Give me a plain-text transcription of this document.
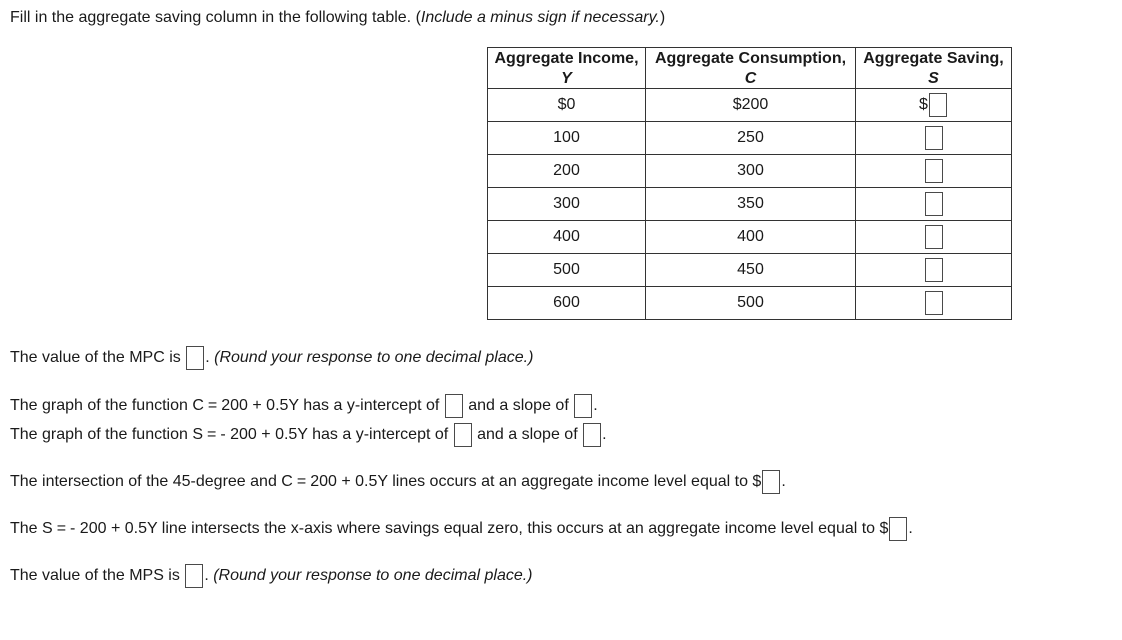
Fill in the aggregate saving column in the following table. (Include a minus sign if necessary.)
Aggregate Income,	Aggregate Consumption,	Aggregate Saving,
Y	C	S
$0	$200	$
100	250	
200	300	
300	350	
400	400	
500	450	
600	500	
The value of the MPC is . (Round your response to one decimal place.)
The graph of the function C = 200 + 0.5Y has a y-intercept of and a slope of .
The graph of the function S = - 200 + 0.5Y has a y-intercept of and a slope of .
The intersection of the 45-degree and C = 200 + 0.5Y lines occurs at an aggregate income level equal to $ .
The S = - 200 + 0.5Y line intersects the x-axis where savings equal zero, this occurs at an aggregate income level equal to $ .
The value of the MPS is . (Round your response to one decimal place.)
